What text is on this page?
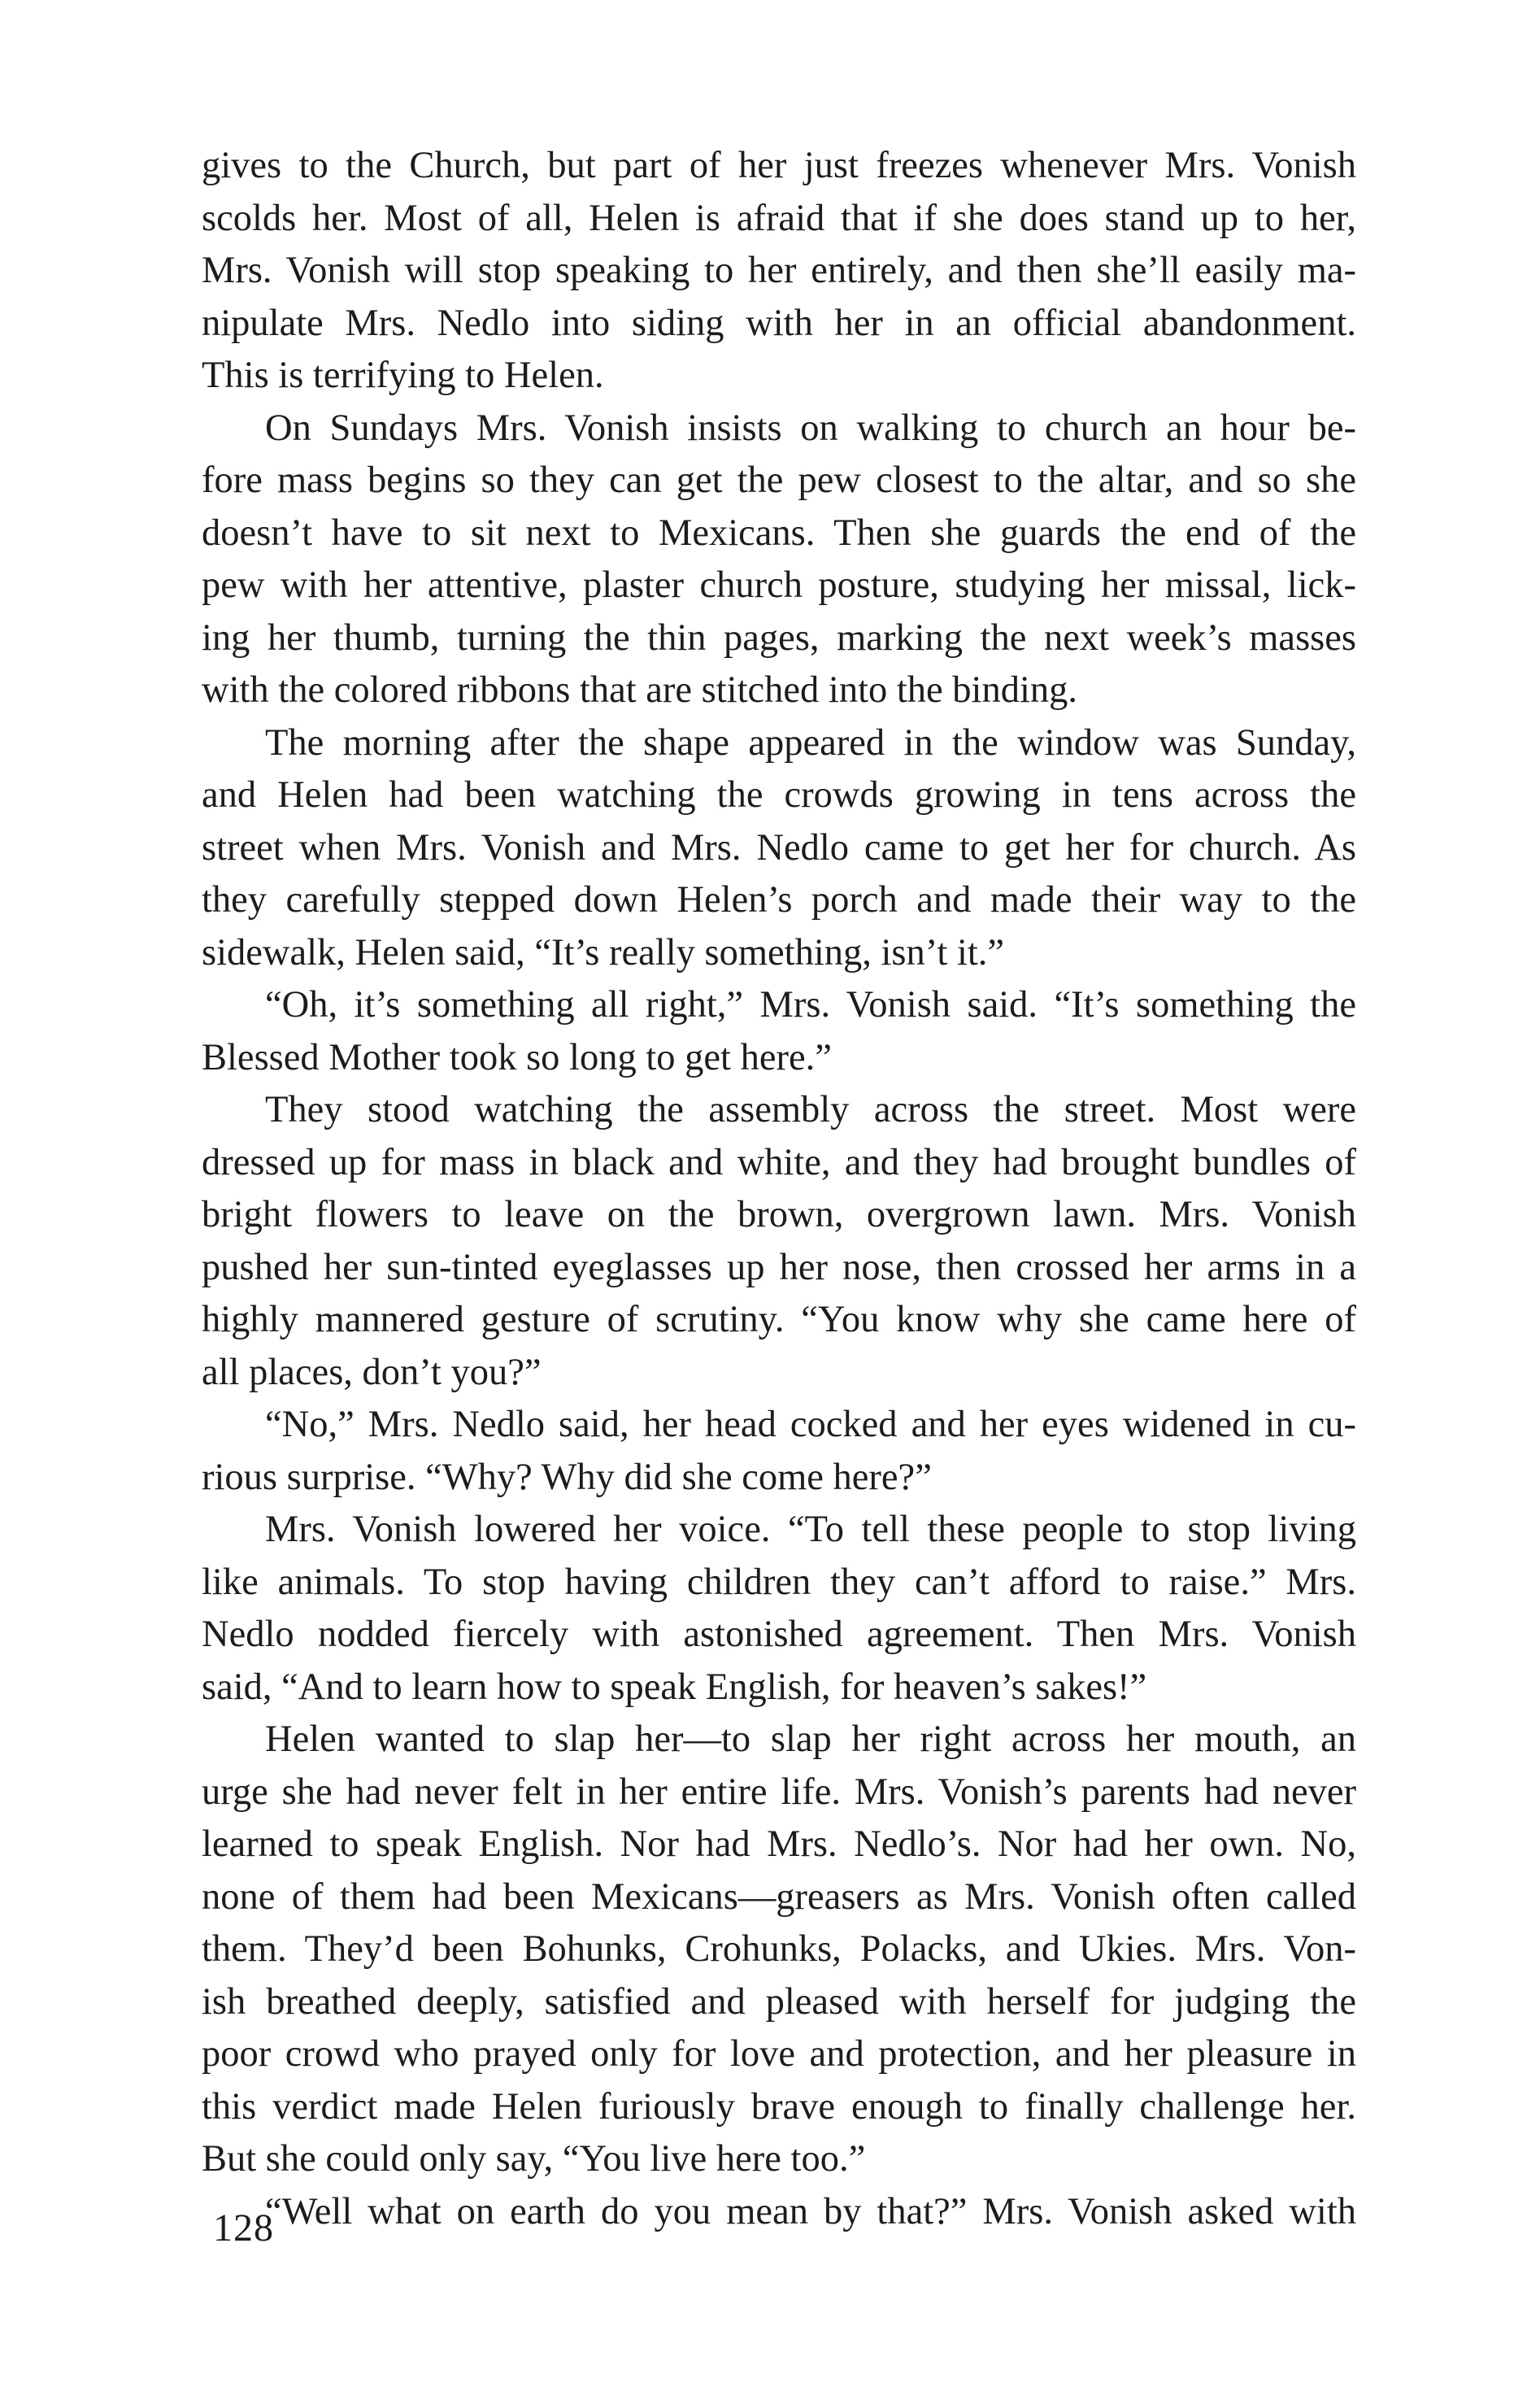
gives to the Church, but part of her just freezes whenever Mrs. Vonish
scolds her. Most of all, Helen is afraid that if she does stand up to her,
Mrs. Vonish will stop speaking to her entirely, and then she’ll easily ma-
nipulate Mrs. Nedlo into siding with her in an official abandonment.
This is terrifying to Helen.
On Sundays Mrs. Vonish insists on walking to church an hour be-
fore mass begins so they can get the pew closest to the altar, and so she
doesn’t have to sit next to Mexicans. Then she guards the end of the
pew with her attentive, plaster church posture, studying her missal, lick-
ing her thumb, turning the thin pages, marking the next week’s masses
with the colored ribbons that are stitched into the binding.
The morning after the shape appeared in the window was Sunday,
and Helen had been watching the crowds growing in tens across the
street when Mrs. Vonish and Mrs. Nedlo came to get her for church. As
they carefully stepped down Helen’s porch and made their way to the
sidewalk, Helen said, “It’s really something, isn’t it.”
“Oh, it’s something all right,” Mrs. Vonish said. “It’s something the
Blessed Mother took so long to get here.”
They stood watching the assembly across the street. Most were
dressed up for mass in black and white, and they had brought bundles of
bright flowers to leave on the brown, overgrown lawn. Mrs. Vonish
pushed her sun-tinted eyeglasses up her nose, then crossed her arms in a
highly mannered gesture of scrutiny. “You know why she came here of
all places, don’t you?”
“No,” Mrs. Nedlo said, her head cocked and her eyes widened in cu-
rious surprise. “Why? Why did she come here?”
Mrs. Vonish lowered her voice. “To tell these people to stop living
like animals. To stop having children they can’t afford to raise.” Mrs.
Nedlo nodded fiercely with astonished agreement. Then Mrs. Vonish
said, “And to learn how to speak English, for heaven’s sakes!”
Helen wanted to slap her—to slap her right across her mouth, an
urge she had never felt in her entire life. Mrs. Vonish’s parents had never
learned to speak English. Nor had Mrs. Nedlo’s. Nor had her own. No,
none of them had been Mexicans—greasers as Mrs. Vonish often called
them. They’d been Bohunks, Crohunks, Polacks, and Ukies. Mrs. Von-
ish breathed deeply, satisfied and pleased with herself for judging the
poor crowd who prayed only for love and protection, and her pleasure in
this verdict made Helen furiously brave enough to finally challenge her.
But she could only say, “You live here too.”
“Well what on earth do you mean by that?” Mrs. Vonish asked with
128
